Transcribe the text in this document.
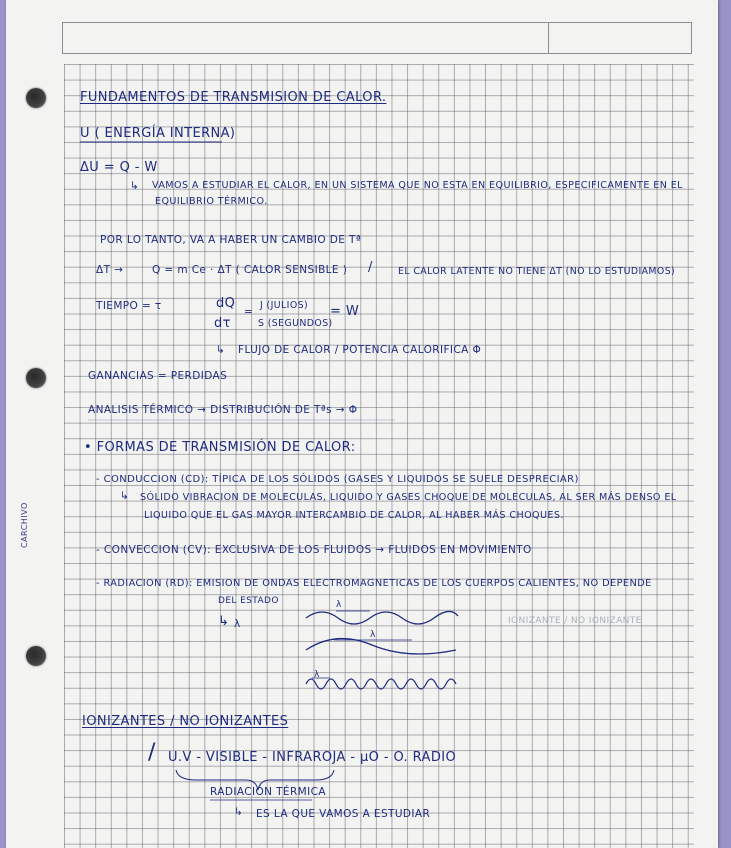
CARCHIVO
FUNDAMENTOS DE TRANSMISION DE CALOR.
U ( ENERGÍA INTERNA)
ΔU = Q - W
↳ VAMOS A ESTUDIAR EL CALOR, EN UN SISTEMA QUE NO ESTA EN EQUILIBRIO, ESPECIFICAMENTE EN EL
EQUILIBRIO TÉRMICO.
POR LO TANTO, VA A HABER UN CAMBIO DE Tª
ΔT →	Q = m Ce · ΔT ( CALOR SENSIBLE ) /	EL CALOR LATENTE NO TIENE ΔT (NO LO ESTUDIAMOS)
TIEMPO = τ	dQ
dτ
=
J (JULIOS)
S (SEGUNDOS)
= W
↳ FLUJO DE CALOR / POTENCIA CALORIFICA Φ
GANANCIAS = PERDIDAS
ANALISIS TÉRMICO → DISTRIBUCIÓN DE Tªs → Φ
• FORMAS DE TRANSMISIÓN DE CALOR:
- CONDUCCION (CD): TÍPICA DE LOS SÓLIDOS (GASES Y LIQUIDOS SE SUELE DESPRECIAR)
↳ SÓLIDO VIBRACION DE MOLECULAS, LIQUIDO Y GASES CHOQUE DE MOLECULAS, AL SER MÁS DENSO EL
LIQUIDO QUE EL GAS MAYOR INTERCAMBIO DE CALOR, AL HABER MÁS CHOQUES.
- CONVECCION (CV): EXCLUSIVA DE LOS FLUIDOS → FLUIDOS EN MOVIMIENTO
- RADIACION (RD): EMISION DE ONDAS ELECTROMAGNETICAS DE LOS CUERPOS CALIENTES, NO DEPENDE
DEL ESTADO
↳ λ
λ
λ
λ
IONIZANTE / NO IONIZANTE
IONIZANTES / NO IONIZANTES
/ U.V - VISIBLE - INFRAROJA - μO - O. RADIO
RADIACIÓN TÉRMICA
↳ ES LA QUE VAMOS A ESTUDIAR
